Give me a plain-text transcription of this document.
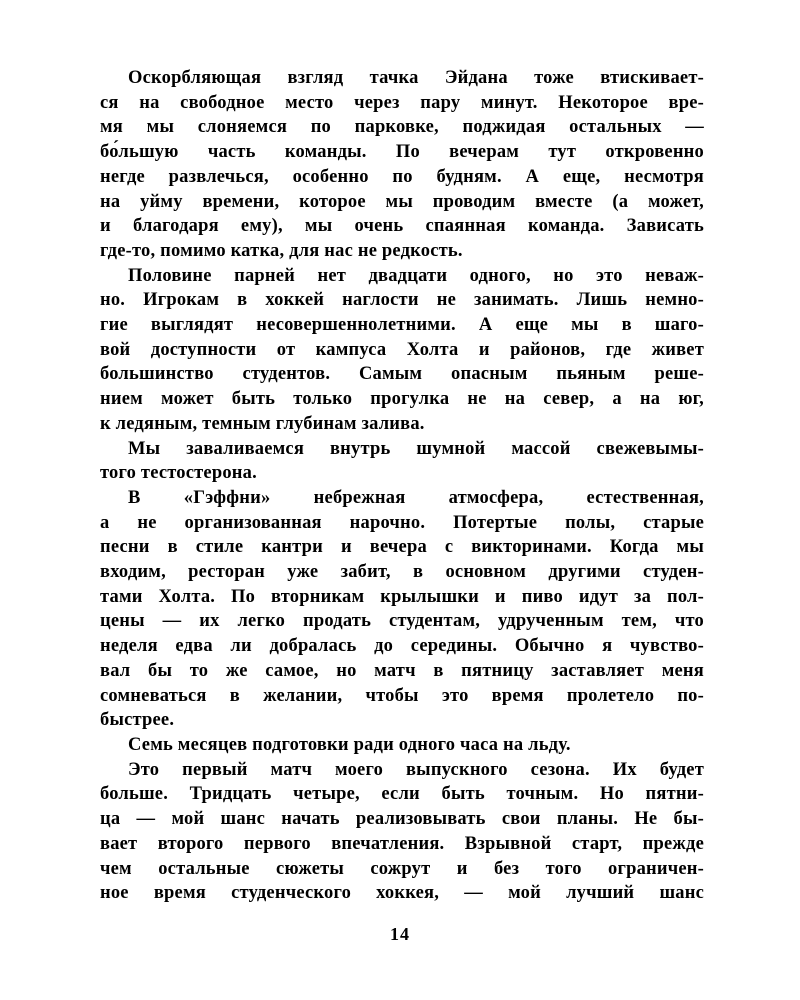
Оскорбляющая взгляд тачка Эйдана тоже втискивает-
ся на свободное место через пару минут. Некоторое вре-
мя мы слоняемся по парковке, поджидая остальных —
бо́льшую часть команды. По вечерам тут откровенно
негде развлечься, особенно по будням. А еще, несмотря
на уйму времени, которое мы проводим вместе (а может,
и благодаря ему), мы очень спаянная команда. Зависать
где-то, помимо катка, для нас не редкость.
Половине парней нет двадцати одного, но это неваж-
но. Игрокам в хоккей наглости не занимать. Лишь немно-
гие выглядят несовершеннолетними. А еще мы в шаго-
вой доступности от кампуса Холта и районов, где живет
большинство студентов. Самым опасным пьяным реше-
нием может быть только прогулка не на север, а на юг,
к ледяным, темным глубинам залива.
Мы заваливаемся внутрь шумной массой свежевымы-
того тестостерона.
В «Гэффни» небрежная атмосфера, естественная,
а не организованная нарочно. Потертые полы, старые
песни в стиле кантри и вечера с викторинами. Когда мы
входим, ресторан уже забит, в основном другими студен-
тами Холта. По вторникам крылышки и пиво идут за пол-
цены — их легко продать студентам, удрученным тем, что
неделя едва ли добралась до середины. Обычно я чувство-
вал бы то же самое, но матч в пятницу заставляет меня
сомневаться в желании, чтобы это время пролетело по-
быстрее.
Семь месяцев подготовки ради одного часа на льду.
Это первый матч моего выпускного сезона. Их будет
больше. Тридцать четыре, если быть точным. Но пятни-
ца — мой шанс начать реализовывать свои планы. Не бы-
вает второго первого впечатления. Взрывной старт, прежде
чем остальные сюжеты сожрут и без того ограничен-
ное время студенческого хоккея, — мой лучший шанс
14
